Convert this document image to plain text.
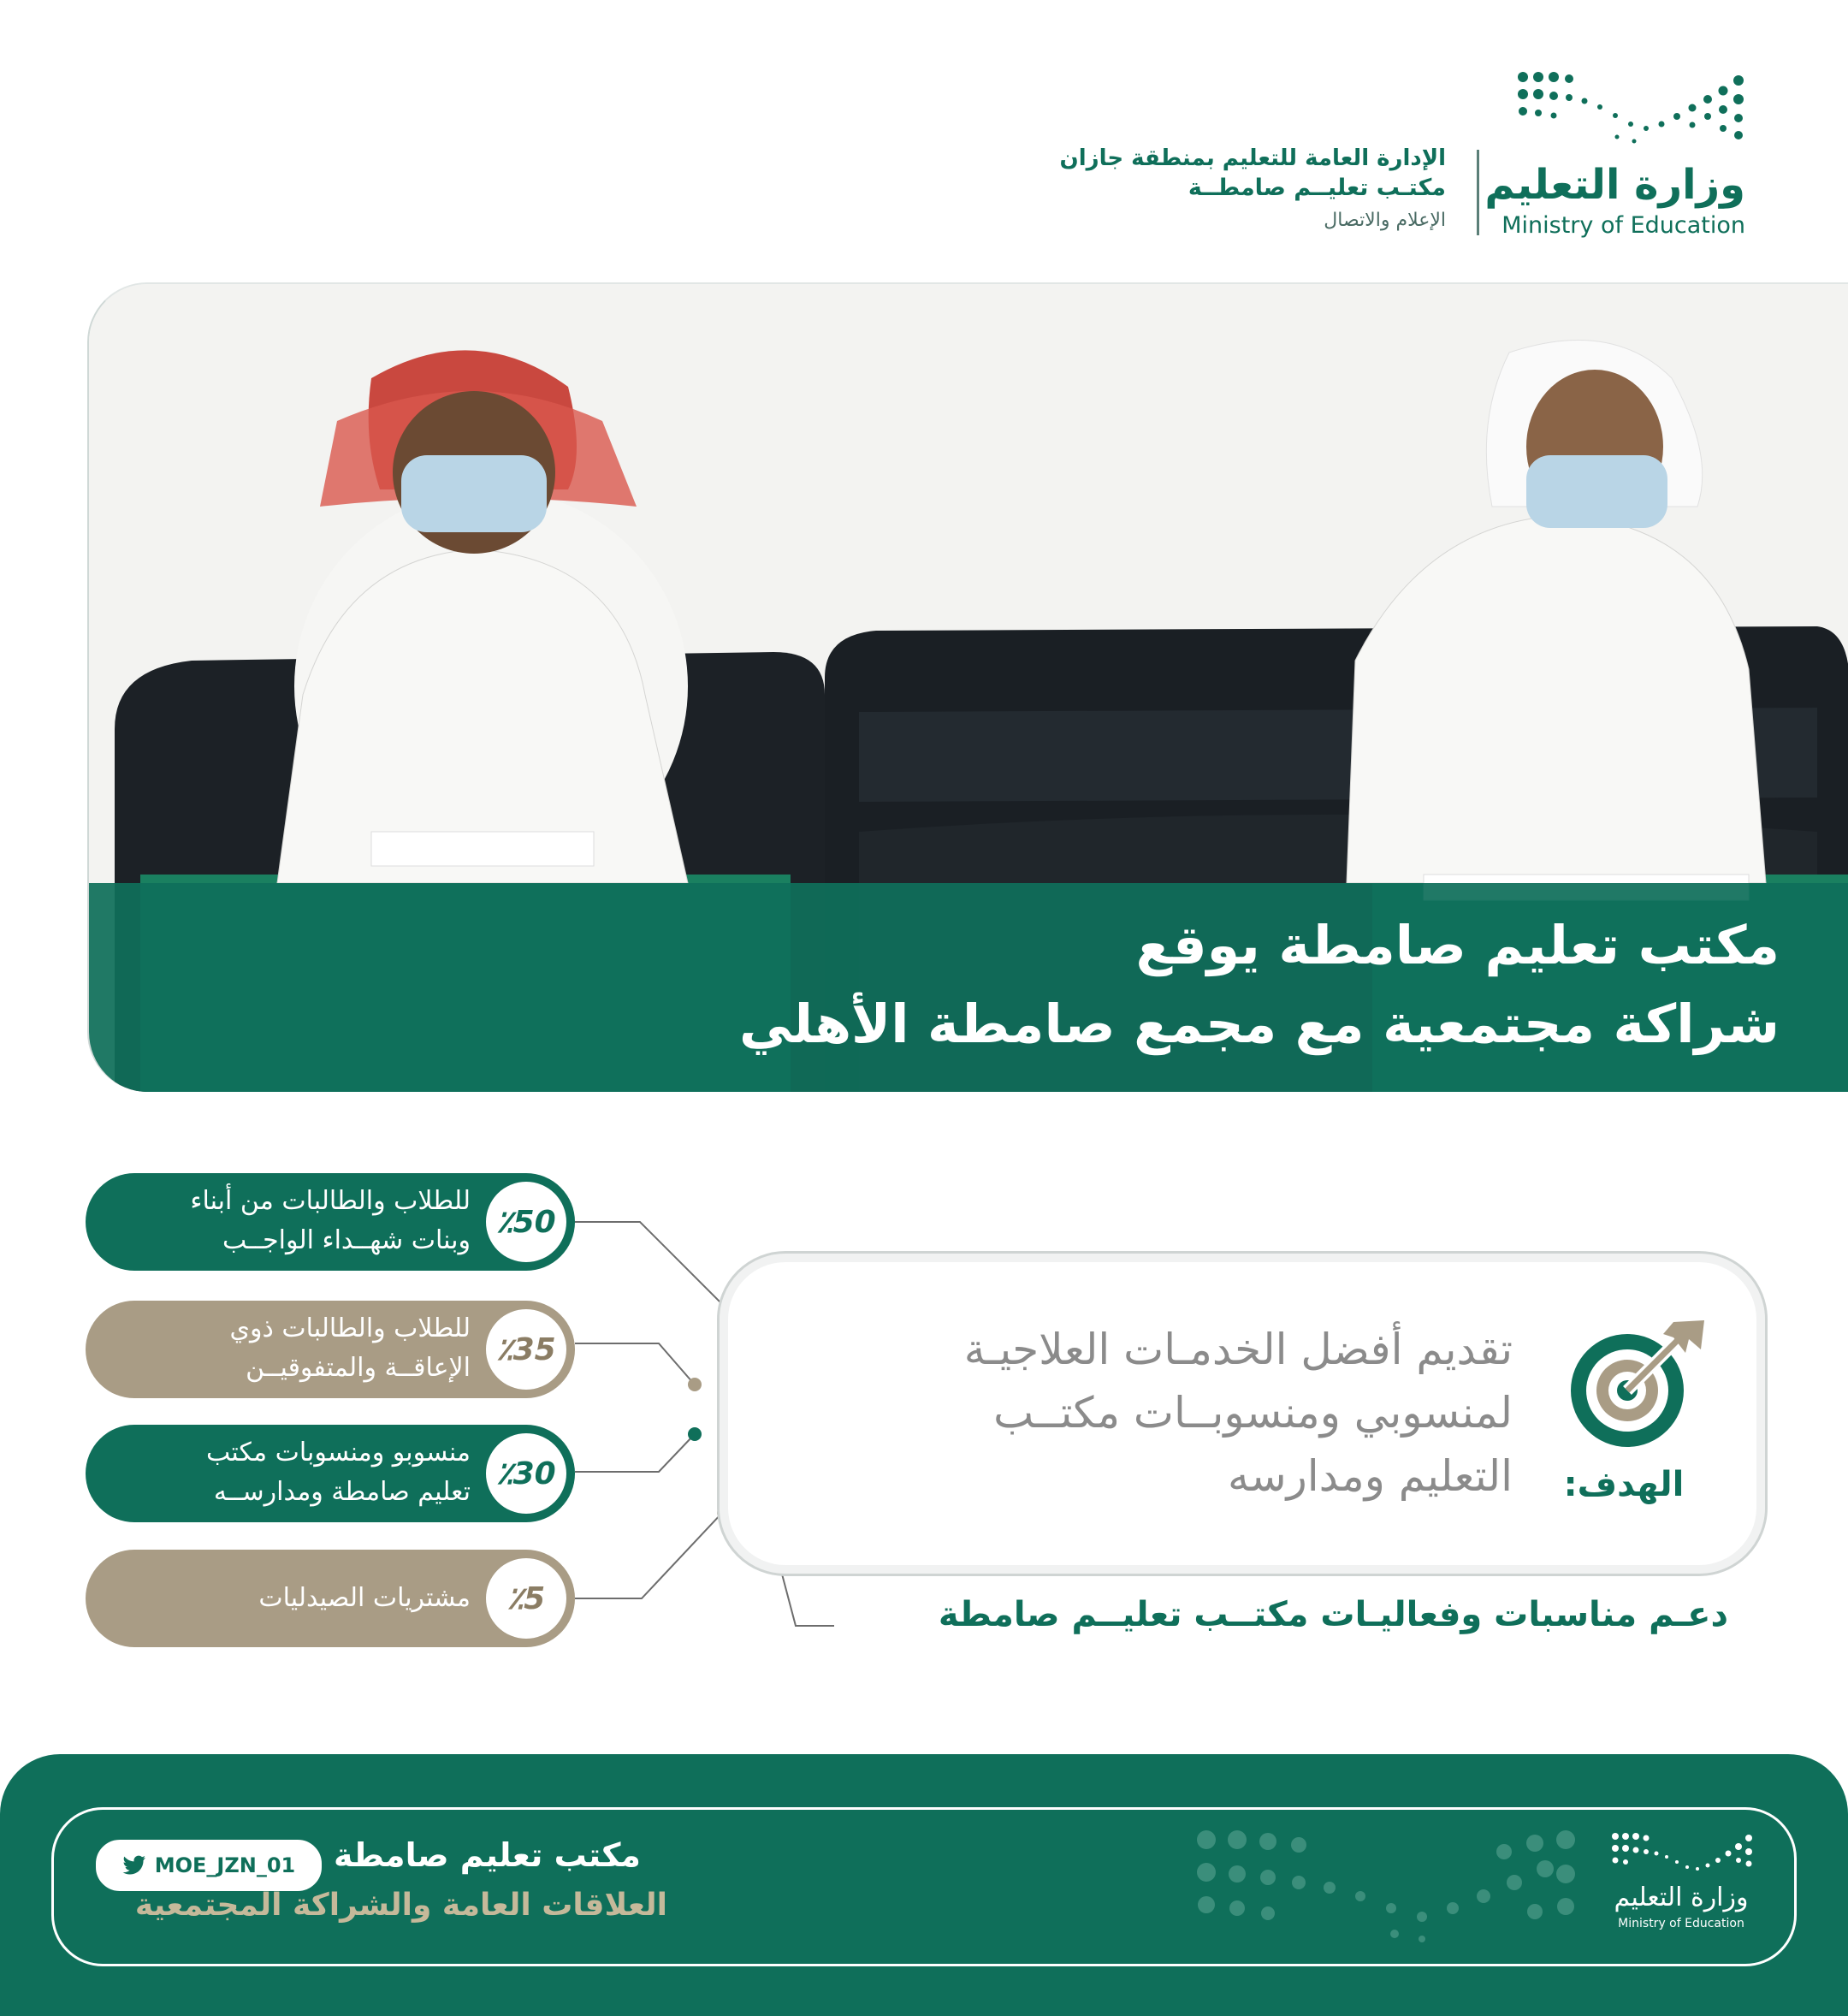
وزارة التعليم
Ministry of Education
الإدارة العامة للتعليم بمنطقة جازان
مكتـب تعليــم صامطــة
الإعلام والاتصال
مكتب تعليم صامطة يوقع
شراكة مجتمعية مع مجمع صامطة الأهلي
٪50
للطلاب والطالبات من أبناء
وبنات شهــداء الواجــب
٪35
للطلاب والطالبات ذوي
الإعاقــة والمتفوقيــن
٪30
منسوبو ومنسوبات مكتب
تعليم صامطة ومدارســه
٪5
مشتريات الصيدليات
تقديم أفضل الخدمـات العلاجيـة
لمنسوبي ومنسوبــات مكتــب
التعليم ومدارسه الهدف:
دعـم مناسبات وفعاليـات مكتــب تعليــم صامطة
MOE_JZN_01 مكتب تعليم صامطة
العلاقات العامة والشراكة المجتمعية	وزارة التعليم
Ministry of Education
